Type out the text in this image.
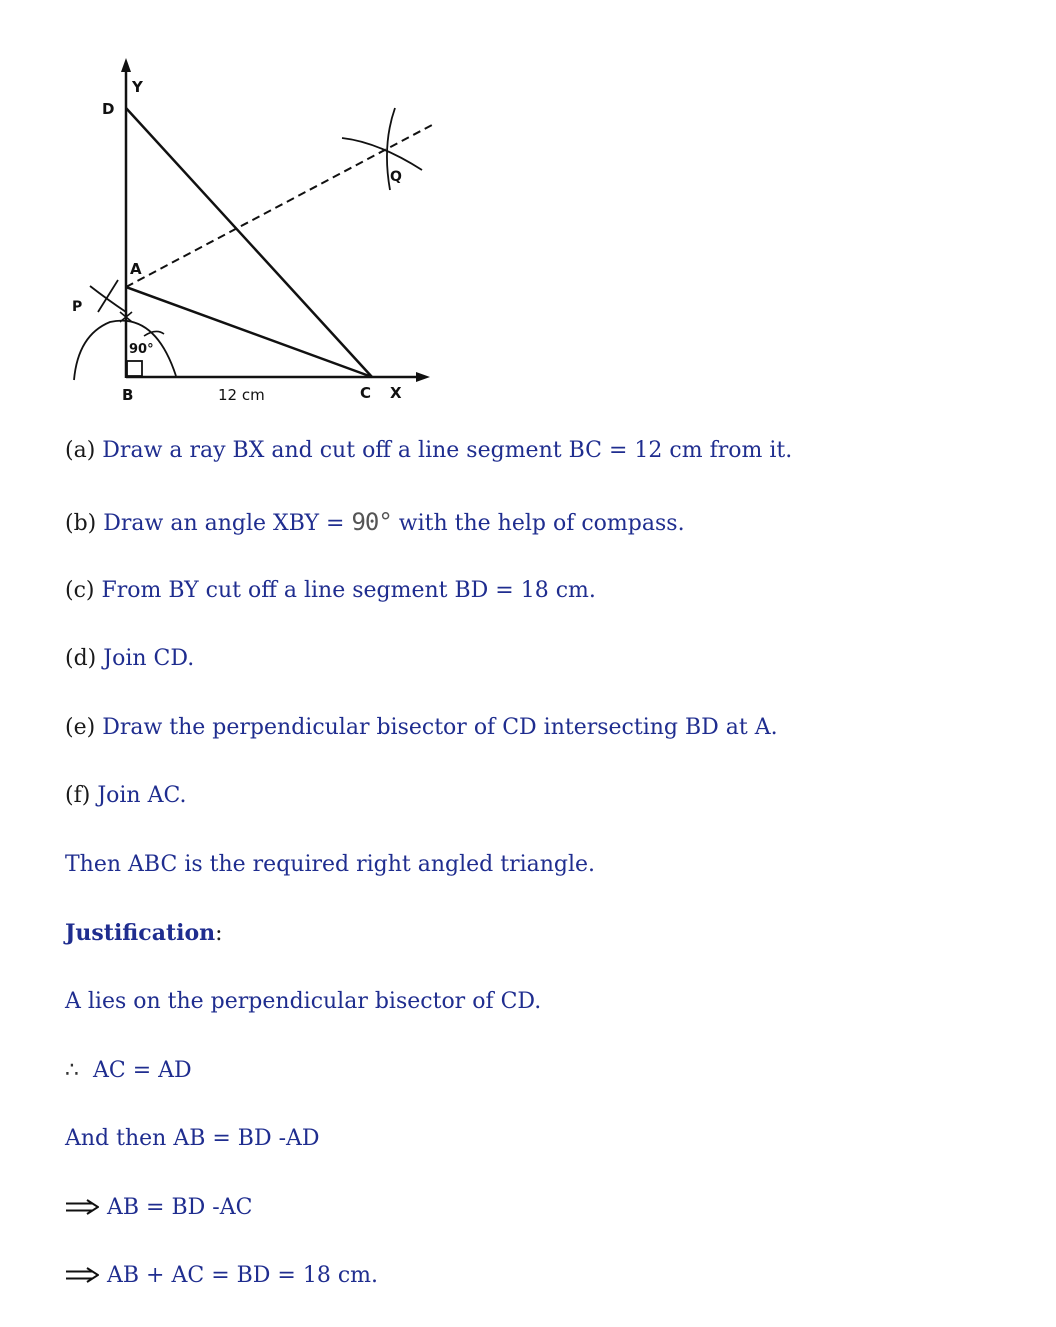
Y
D
Q
A
P
90°
B	12 cm	C X
(a) Draw a ray BX and cut off a line segment BC = 12 cm from it.
(b) Draw an angle XBY = 90° with the help of compass.
(c) From BY cut off a line segment BD = 18 cm.
(d) Join CD.
(e) Draw the perpendicular bisector of CD intersecting BD at A.
(f) Join AC.
Then ABC is the required right angled triangle.
Justification:
A lies on the perpendicular bisector of CD.
∴ AC = AD
And then AB = BD -AD
AB = BD -AC
AB + AC = BD = 18 cm.
